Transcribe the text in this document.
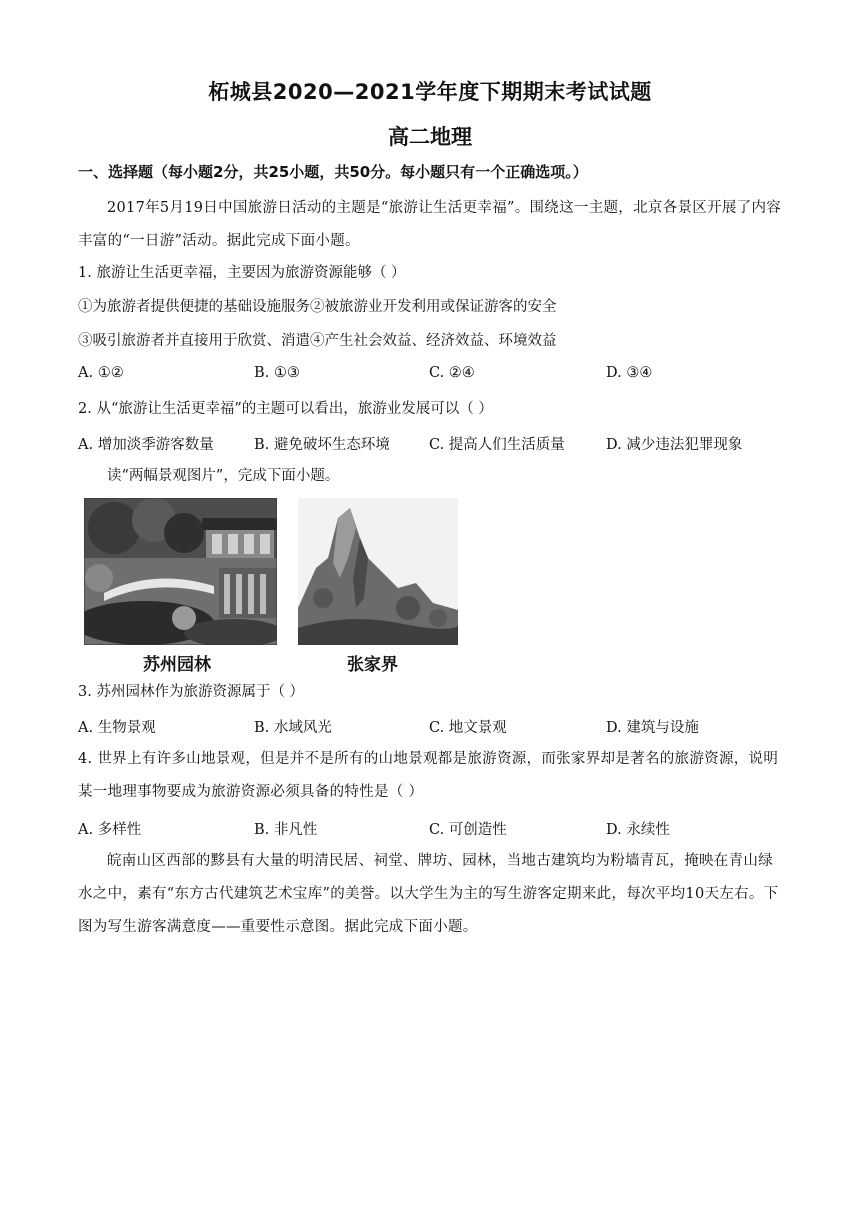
柘城县2020—2021学年度下期期末考试试题
高二地理
一、选择题（每小题2分，共25小题，共50分。每小题只有一个正确选项。）
2017年5月19日中国旅游日活动的主题是“旅游让生活更幸福”。围绕这一主题，北京各景区开展了内容丰富的“一日游”活动。据此完成下面小题。
1. 旅游让生活更幸福，主要因为旅游资源能够（ ）
①为旅游者提供便捷的基础设施服务②被旅游业开发利用或保证游客的安全
③吸引旅游者并直接用于欣赏、消遣④产生社会效益、经济效益、环境效益
A. ①②	B. ①③	C. ②④	D. ③④
2. 从“旅游让生活更幸福”的主题可以看出，旅游业发展可以（ ）
A. 增加淡季游客数量	B. 避免破坏生态环境	C. 提高人们生活质量	D. 减少违法犯罪现象
读“两幅景观图片”，完成下面小题。
苏州园林	张家界
3. 苏州园林作为旅游资源属于（ ）
A. 生物景观	B. 水域风光	C. 地文景观	D. 建筑与设施
4. 世界上有许多山地景观，但是并不是所有的山地景观都是旅游资源，而张家界却是著名的旅游资源，说明某一地理事物要成为旅游资源必须具备的特性是（ ）
A. 多样性	B. 非凡性	C. 可创造性	D. 永续性
皖南山区西部的黟县有大量的明清民居、祠堂、牌坊、园林，当地古建筑均为粉墙青瓦，掩映在青山绿水之中，素有“东方古代建筑艺术宝库”的美誉。以大学生为主的写生游客定期来此，每次平均10天左右。下图为写生游客满意度——重要性示意图。据此完成下面小题。
